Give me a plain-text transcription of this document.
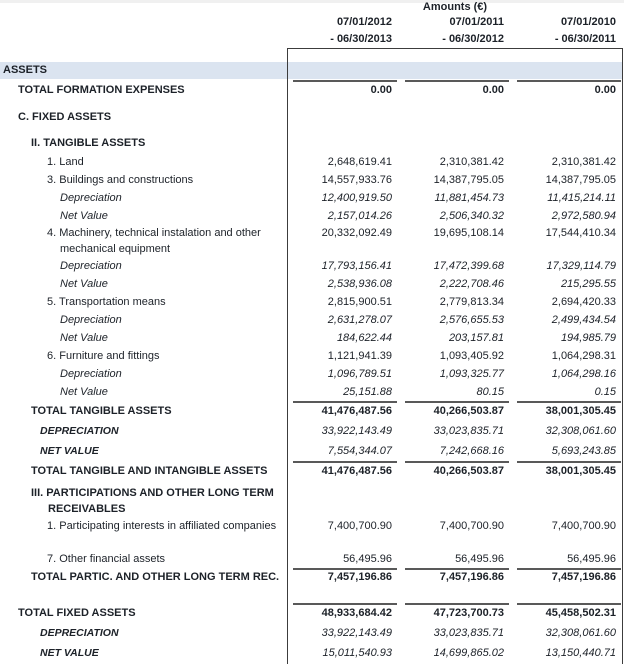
Amounts (€)
07/01/2012
- 06/30/2013
07/01/2011
- 06/30/2012
07/01/2010
- 06/30/2011
ASSETS
TOTAL FORMATION EXPENSES	0.00	0.00	0.00
C. FIXED ASSETS
II. TANGIBLE ASSETS
1. Land	2,648,619.41	2,310,381.42	2,310,381.42
3. Buildings and constructions	14,557,933.76	14,387,795.05	14,387,795.05
Depreciation	12,400,919.50	11,881,454.73	11,415,214.11
Net Value	2,157,014.26	2,506,340.32	2,972,580.94
4. Machinery, technical instalation and other mechanical equipment
20,332,092.49	19,695,108.14	17,544,410.34
Depreciation	17,793,156.41	17,472,399.68	17,329,114.79
Net Value	2,538,936.08	2,222,708.46	215,295.55
5. Transportation means	2,815,900.51	2,779,813.34	2,694,420.33
Depreciation	2,631,278.07	2,576,655.53	2,499,434.54
Net Value	184,622.44	203,157.81	194,985.79
6. Furniture and fittings	1,121,941.39	1,093,405.92	1,064,298.31
Depreciation	1,096,789.51	1,093,325.77	1,064,298.16
Net Value	25,151.88	80.15	0.15
TOTAL TANGIBLE ASSETS	41,476,487.56	40,266,503.87	38,001,305.45
DEPRECIATION	33,922,143.49	33,023,835.71	32,308,061.60
NET VALUE	7,554,344.07	7,242,668.16	5,693,243.85
TOTAL TANGIBLE AND INTANGIBLE ASSETS	41,476,487.56	40,266,503.87	38,001,305.45
III. PARTICIPATIONS AND OTHER LONG TERM RECEIVABLES
1. Participating interests in affiliated companies	7,400,700.90	7,400,700.90	7,400,700.90
7. Other financial assets	56,495.96	56,495.96	56,495.96
TOTAL PARTIC. AND OTHER LONG TERM REC.	7,457,196.86	7,457,196.86	7,457,196.86
TOTAL FIXED ASSETS	48,933,684.42	47,723,700.73	45,458,502.31
DEPRECIATION	33,922,143.49	33,023,835.71	32,308,061.60
NET VALUE	15,011,540.93	14,699,865.02	13,150,440.71
